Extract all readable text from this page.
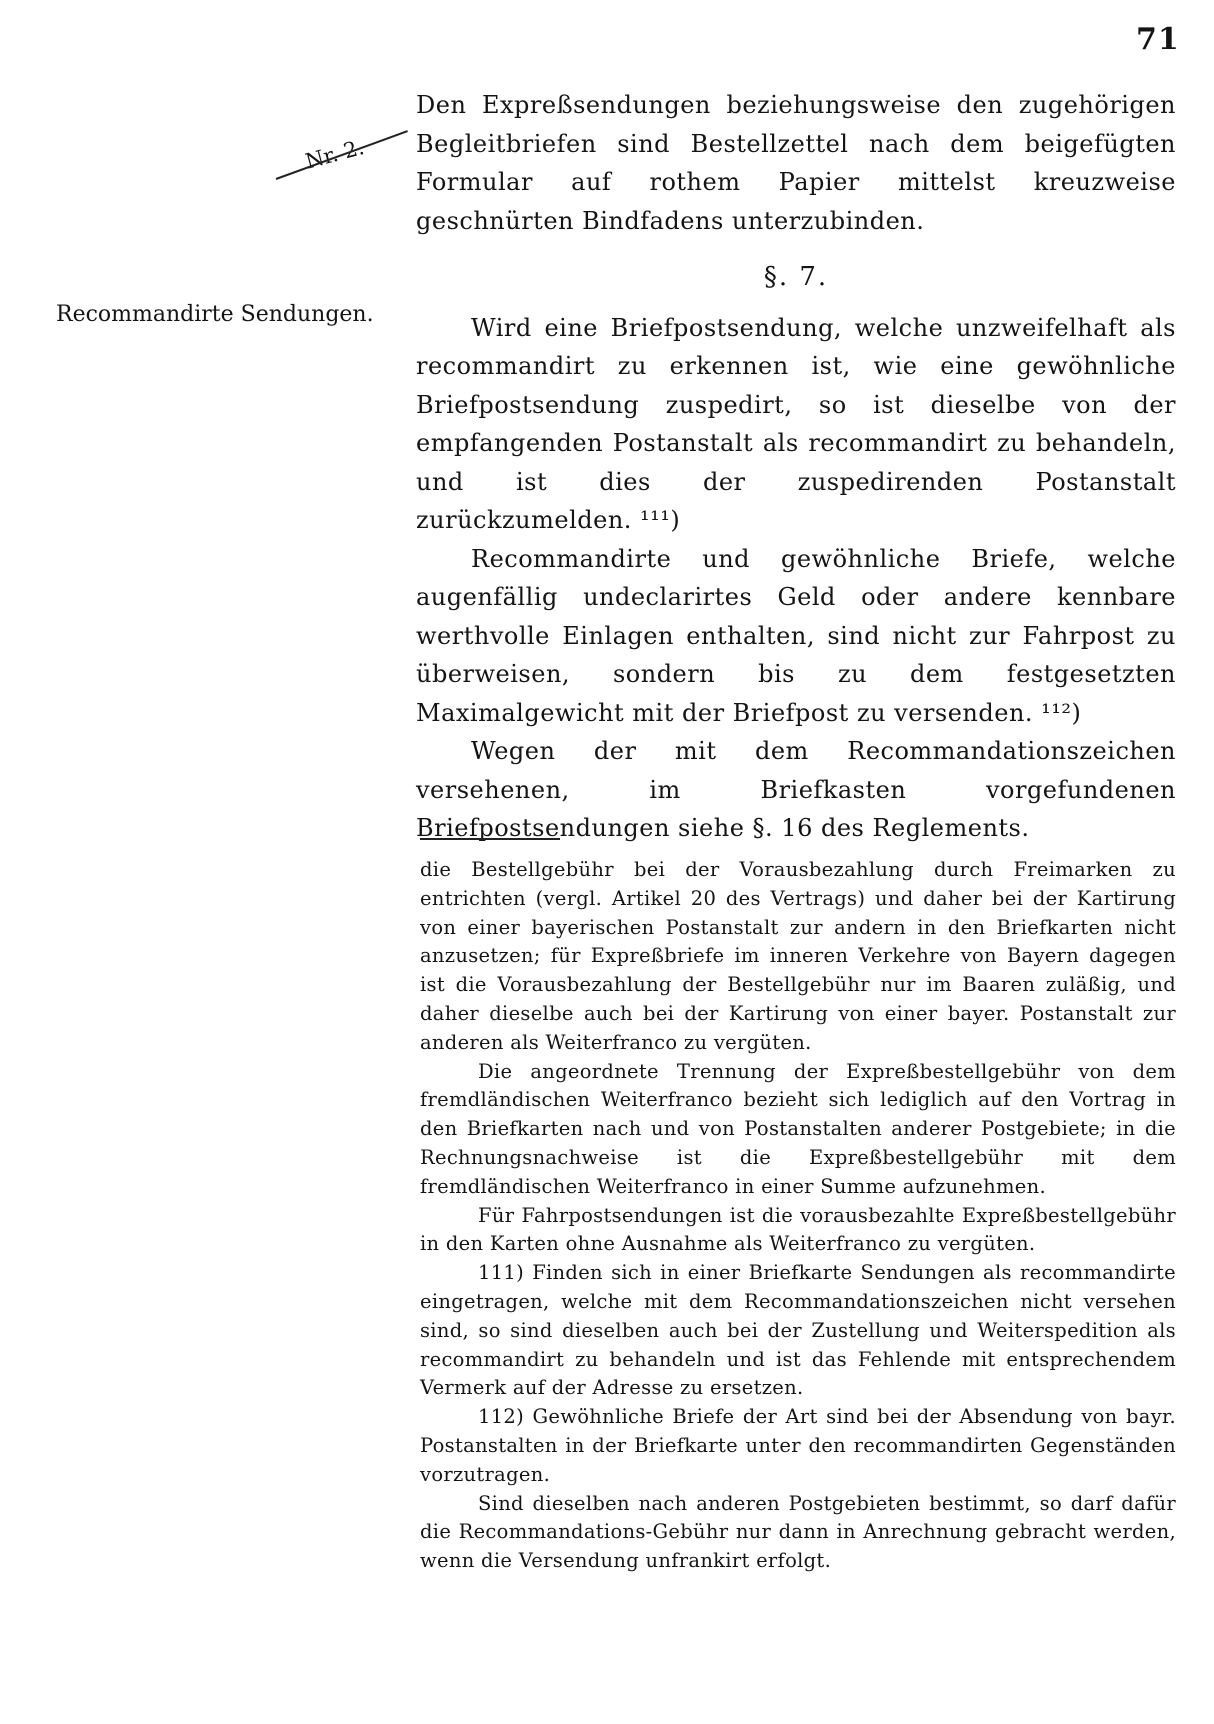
71
Nr. 2.
Recommandirte Sendungen.

Den Expreßsendungen beziehungsweise den zugehörigen Begleitbriefen sind Bestellzettel nach dem beigefügten Formular auf rothem Papier mittelst kreuzweise geschnürten Bindfadens unterzubinden.

§. 7.

Wird eine Briefpostsendung, welche unzweifelhaft als recommandirt zu erkennen ist, wie eine gewöhnliche Briefpostsendung zuspedirt, so ist dieselbe von der empfangenden Postanstalt als recommandirt zu behandeln, und ist dies der zuspedirenden Postanstalt zurückzumelden. ¹¹¹)

Recommandirte und gewöhnliche Briefe, welche augenfällig undeclarirtes Geld oder andere kennbare werthvolle Einlagen enthalten, sind nicht zur Fahrpost zu überweisen, sondern bis zu dem festgesetzten Maximalgewicht mit der Briefpost zu versenden. ¹¹²)

Wegen der mit dem Recommandationszeichen versehenen, im Briefkasten vorgefundenen Briefpostsendungen siehe §. 16 des Reglements.

die Bestellgebühr bei der Vorausbezahlung durch Freimarken zu entrichten (vergl. Artikel 20 des Vertrags) und daher bei der Kartirung von einer bayerischen Postanstalt zur andern in den Briefkarten nicht anzusetzen; für Expreßbriefe im inneren Verkehre von Bayern dagegen ist die Vorausbezahlung der Bestellgebühr nur im Baaren zuläßig, und daher dieselbe auch bei der Kartirung von einer bayer. Postanstalt zur anderen als Weiterfranco zu vergüten.

Die angeordnete Trennung der Expreßbestellgebühr von dem fremdländischen Weiterfranco bezieht sich lediglich auf den Vortrag in den Briefkarten nach und von Postanstalten anderer Postgebiete; in die Rechnungsnachweise ist die Expreßbestellgebühr mit dem fremdländischen Weiterfranco in einer Summe aufzunehmen.

Für Fahrpostsendungen ist die vorausbezahlte Expreßbestellgebühr in den Karten ohne Ausnahme als Weiterfranco zu vergüten.

111) Finden sich in einer Briefkarte Sendungen als recommandirte eingetragen, welche mit dem Recommandationszeichen nicht versehen sind, so sind dieselben auch bei der Zustellung und Weiterspedition als recommandirt zu behandeln und ist das Fehlende mit entsprechendem Vermerk auf der Adresse zu ersetzen.

112) Gewöhnliche Briefe der Art sind bei der Absendung von bayr. Postanstalten in der Briefkarte unter den recommandirten Gegenständen vorzutragen.

Sind dieselben nach anderen Postgebieten bestimmt, so darf dafür die Recommandations-Gebühr nur dann in Anrechnung gebracht werden, wenn die Versendung unfrankirt erfolgt.
